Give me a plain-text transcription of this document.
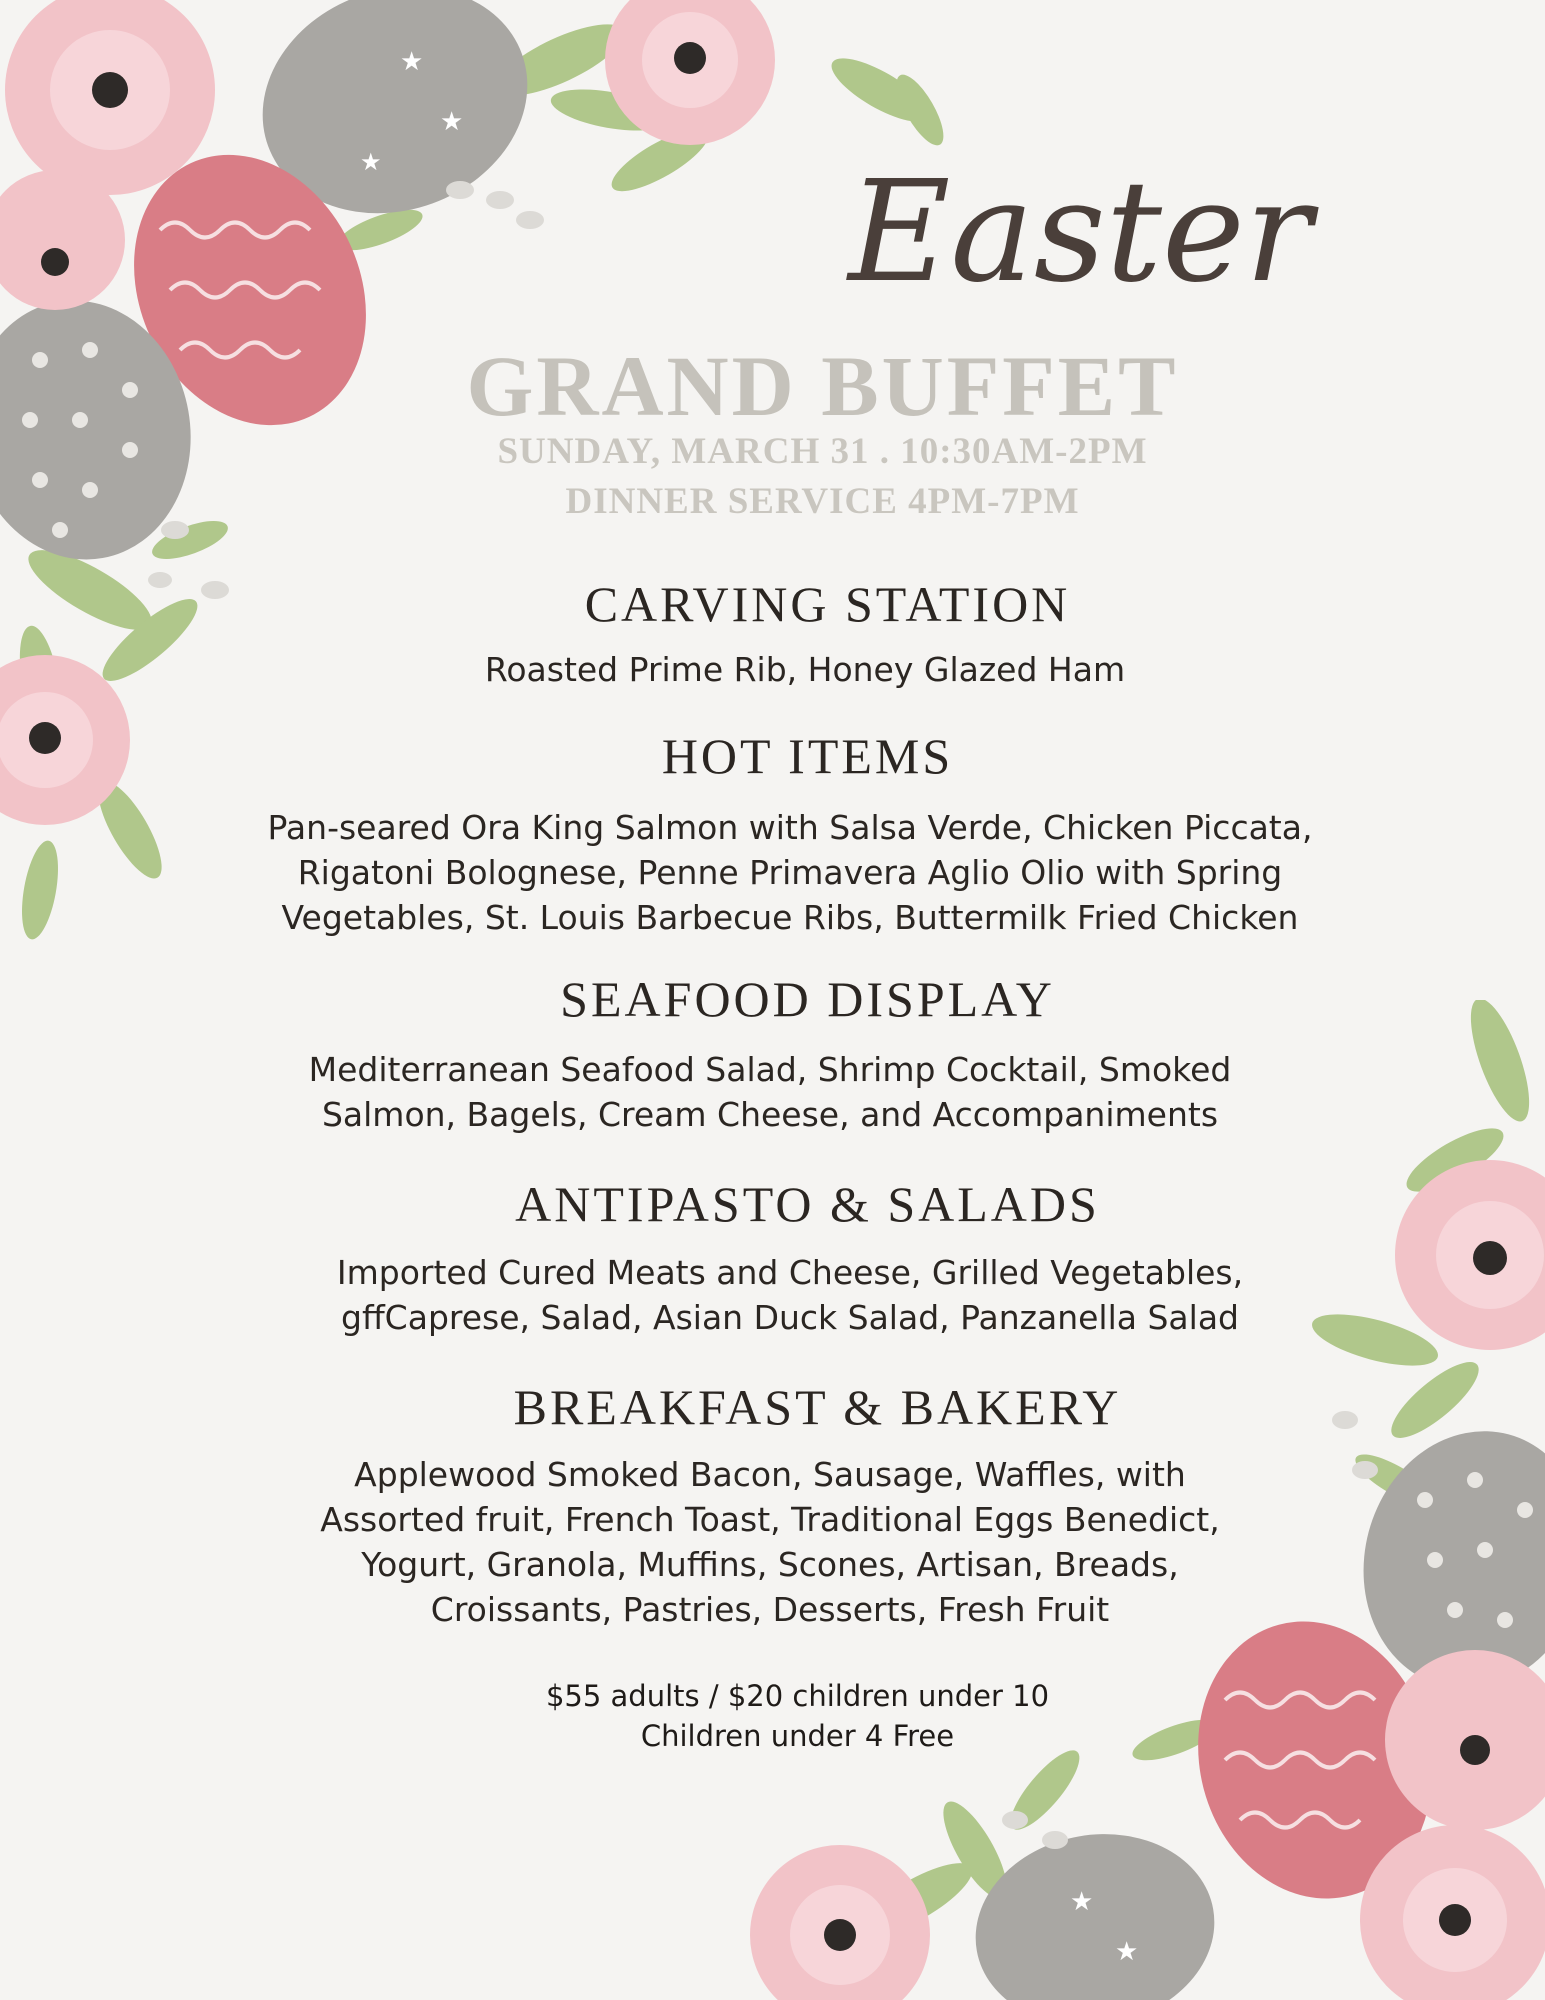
★
★
★
★
★
Easter
GRAND BUFFET
SUNDAY, MARCH 31 . 10:30AM-2PM
DINNER SERVICE 4PM-7PM
CARVING STATION
Roasted Prime Rib, Honey Glazed Ham
HOT ITEMS
Pan-seared Ora King Salmon with Salsa Verde, Chicken Piccata,
Rigatoni Bolognese, Penne Primavera Aglio Olio with Spring
Vegetables, St. Louis Barbecue Ribs, Buttermilk Fried Chicken
SEAFOOD DISPLAY
Mediterranean Seafood Salad, Shrimp Cocktail, Smoked
Salmon, Bagels, Cream Cheese, and Accompaniments
ANTIPASTO & SALADS
Imported Cured Meats and Cheese, Grilled Vegetables,
gffCaprese, Salad, Asian Duck Salad, Panzanella Salad
BREAKFAST & BAKERY
Applewood Smoked Bacon, Sausage, Waffles, with
Assorted fruit, French Toast, Traditional Eggs Benedict,
Yogurt, Granola, Muffins, Scones, Artisan, Breads,
Croissants, Pastries, Desserts, Fresh Fruit
$55 adults / $20 children under 10
Children under 4 Free
